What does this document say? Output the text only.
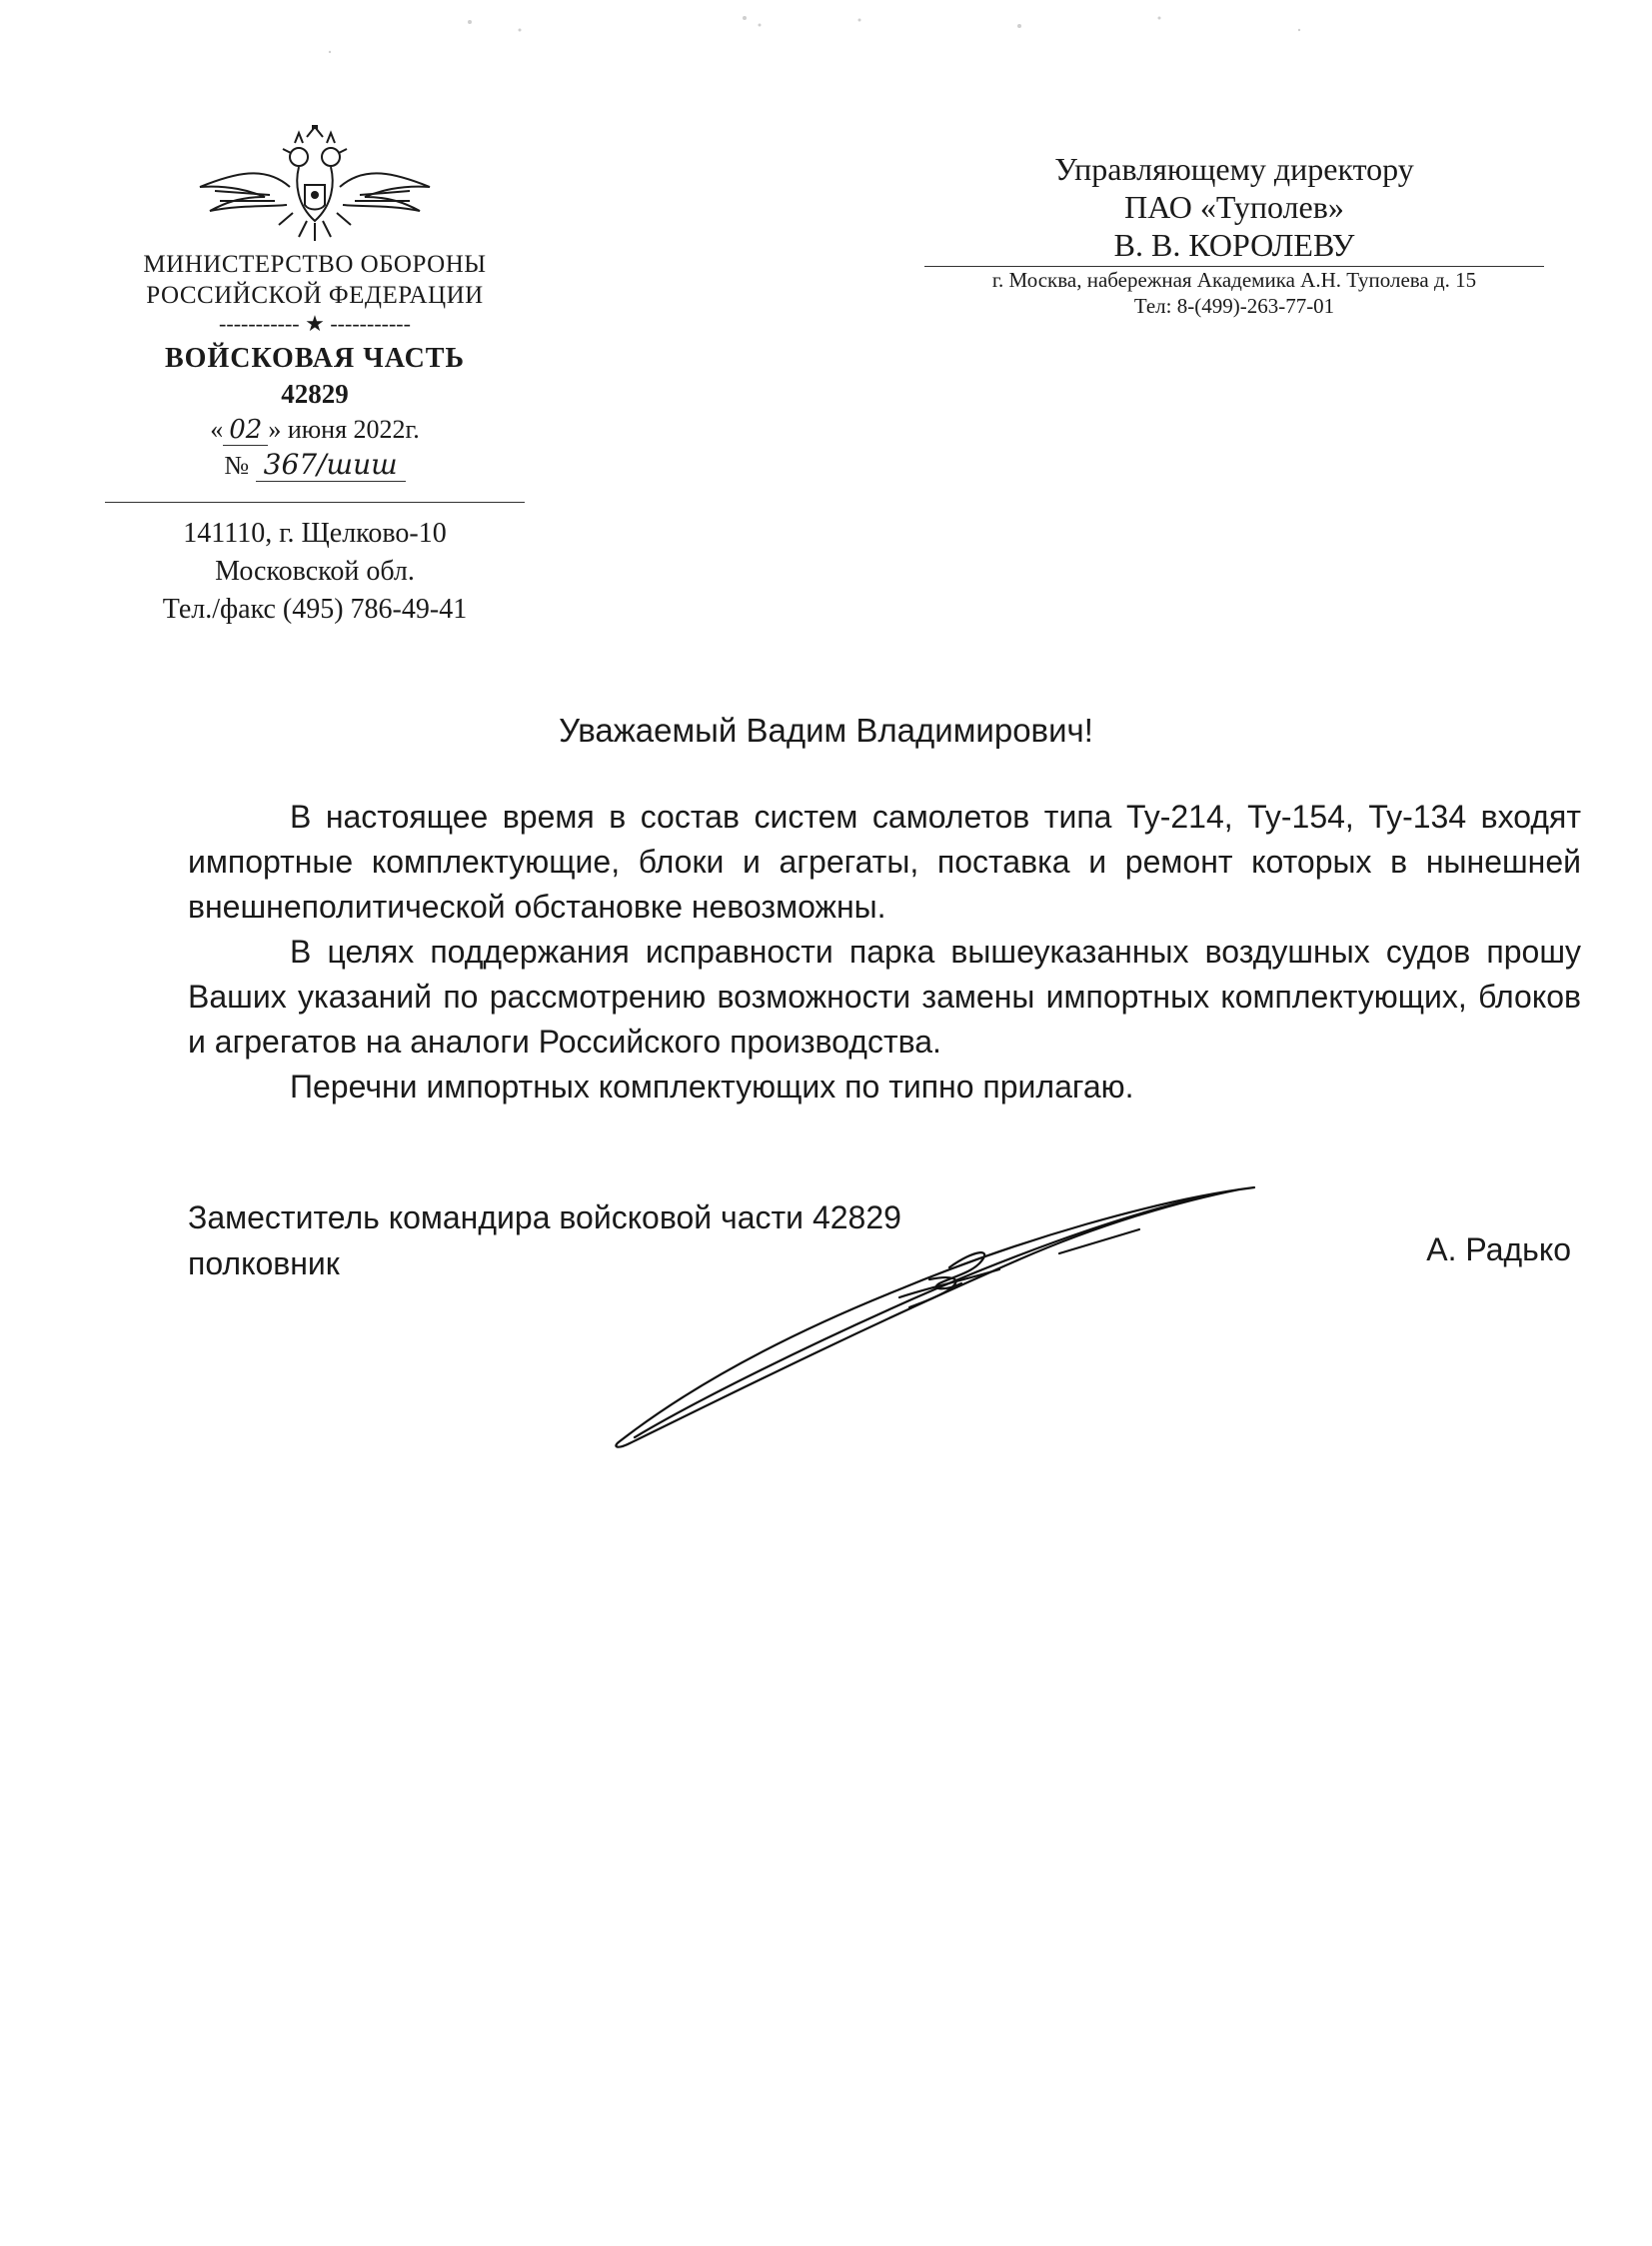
МИНИСТЕРСТВО ОБОРОНЫ
РОССИЙСКОЙ ФЕДЕРАЦИИ
----------- ★ -----------
ВОЙСКОВАЯ ЧАСТЬ
42829
« 02 » июня 2022г.
№ 367/шиш
141110, г. Щелково-10
Московской обл.
Тел./факс (495) 786-49-41
Управляющему директору
ПАО «Туполев»
В. В. КОРОЛЕВУ
г. Москва, набережная Академика А.Н. Туполева д. 15
Тел: 8-(499)-263-77-01
Уважаемый Вадим Владимирович!

В настоящее время в состав систем самолетов типа Ту-214, Ту-154, Ту-134 входят импортные комплектующие, блоки и агрегаты, поставка и ремонт которых в нынешней внешнеполитической обстановке невозможны.

В целях поддержания исправности парка вышеуказанных воздушных судов прошу Ваших указаний по рассмотрению возможности замены импортных комплектующих, блоков и агрегатов на аналоги Российского производства.

Перечни импортных комплектующих по типно прилагаю.

Заместитель командира войсковой части 42829
полковник	А. Радько
